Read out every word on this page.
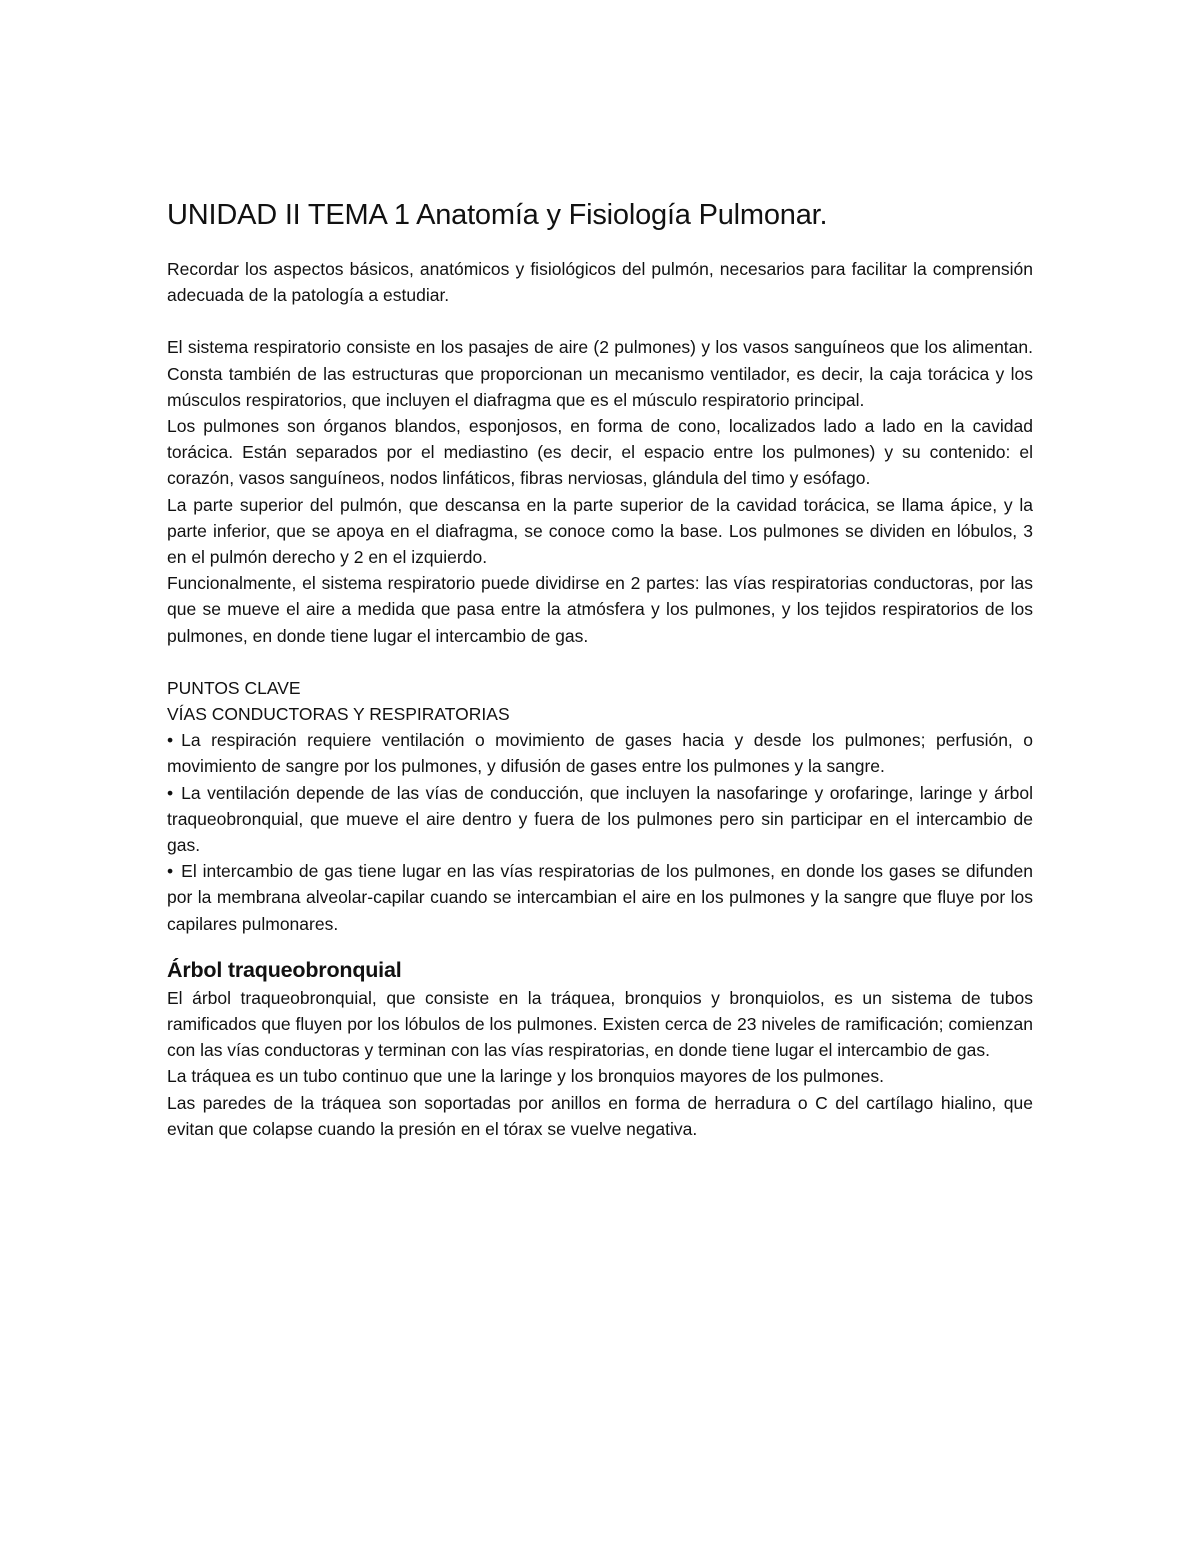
UNIDAD II TEMA 1 Anatomía y Fisiología Pulmonar.

Recordar los aspectos básicos, anatómicos y fisiológicos del pulmón, necesarios para facilitar la comprensión adecuada de la patología a estudiar.

El sistema respiratorio consiste en los pasajes de aire (2 pulmones) y los vasos sanguíneos que los alimentan. Consta también de las estructuras que proporcionan un mecanismo ventilador, es decir, la caja torácica y los músculos respiratorios, que incluyen el diafragma que es el músculo respiratorio principal.

Los pulmones son órganos blandos, esponjosos, en forma de cono, localizados lado a lado en la cavidad torácica. Están separados por el mediastino (es decir, el espacio entre los pulmones) y su contenido: el corazón, vasos sanguíneos, nodos linfáticos, fibras nerviosas, glándula del timo y esófago.

La parte superior del pulmón, que descansa en la parte superior de la cavidad torácica, se llama ápice, y la parte inferior, que se apoya en el diafragma, se conoce como la base. Los pulmones se dividen en lóbulos, 3 en el pulmón derecho y 2 en el izquierdo.

Funcionalmente, el sistema respiratorio puede dividirse en 2 partes: las vías respiratorias conductoras, por las que se mueve el aire a medida que pasa entre la atmósfera y los pulmones, y los tejidos respiratorios de los pulmones, en donde tiene lugar el intercambio de gas.

PUNTOS CLAVE

VÍAS CONDUCTORAS Y RESPIRATORIAS

• La respiración requiere ventilación o movimiento de gases hacia y desde los pulmones; perfusión, o movimiento de sangre por los pulmones, y difusión de gases entre los pulmones y la sangre.

• La ventilación depende de las vías de conducción, que incluyen la nasofaringe y orofaringe, laringe y árbol traqueobronquial, que mueve el aire dentro y fuera de los pulmones pero sin participar en el intercambio de gas.

• El intercambio de gas tiene lugar en las vías respiratorias de los pulmones, en donde los gases se difunden por la membrana alveolar-capilar cuando se intercambian el aire en los pulmones y la sangre que fluye por los capilares pulmonares.

Árbol traqueobronquial

El árbol traqueobronquial, que consiste en la tráquea, bronquios y bronquiolos, es un sistema de tubos ramificados que fluyen por los lóbulos de los pulmones. Existen cerca de 23 niveles de ramificación; comienzan con las vías conductoras y terminan con las vías respiratorias, en donde tiene lugar el intercambio de gas.

La tráquea es un tubo continuo que une la laringe y los bronquios mayores de los pulmones.

Las paredes de la tráquea son soportadas por anillos en forma de herradura o C del cartílago hialino, que evitan que colapse cuando la presión en el tórax se vuelve negativa.
